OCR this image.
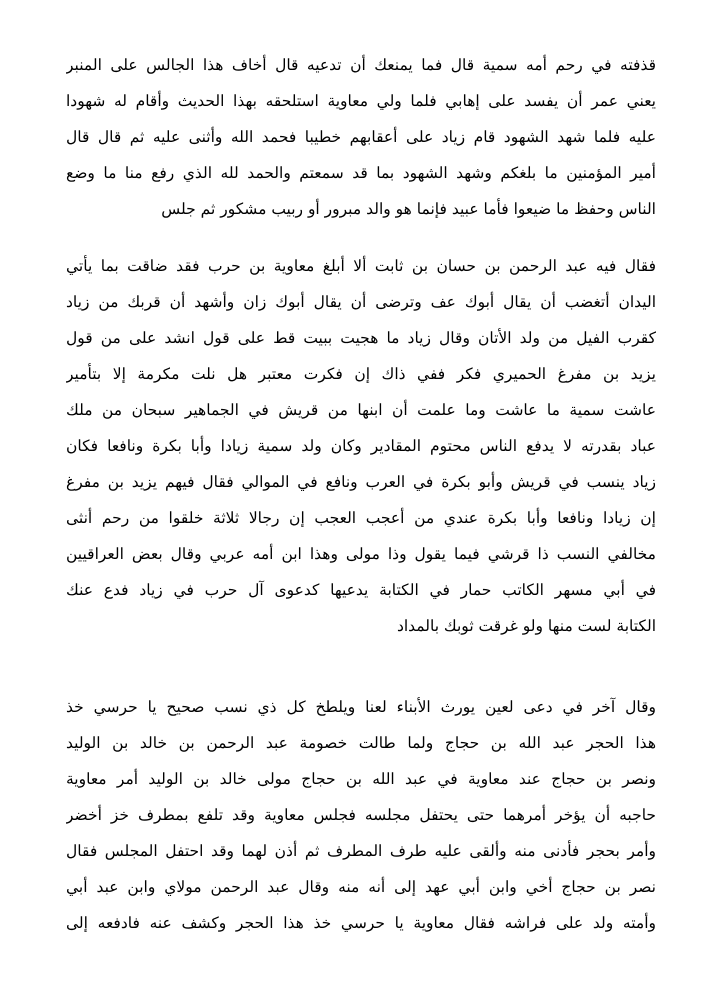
قذفته في رحم أمه سمية قال فما يمنعك أن تدعيه قال أخاف هذا الجالس على المنبر
يعني عمر أن يفسد على إهابي فلما ولي معاوية استلحقه بهذا الحديث وأقام له شهودا
عليه فلما شهد الشهود قام زياد على أعقابهم خطيبا فحمد الله وأثنى عليه ثم قال قال
أمير المؤمنين ما بلغكم وشهد الشهود بما قد سمعتم والحمد لله الذي رفع منا ما وضع
الناس وحفظ ما ضيعوا فأما عبيد فإنما هو والد مبرور أو ربيب مشكور ثم جلس
فقال فيه عبد الرحمن بن حسان بن ثابت ألا أبلغ معاوية بن حرب فقد ضاقت بما يأتي
اليدان أتغضب أن يقال أبوك عف وترضى أن يقال أبوك زان وأشهد أن قربك من زياد
كقرب الفيل من ولد الأتان وقال زياد ما هجيت ببيت قط على قول انشد على من قول
يزيد بن مفرغ الحميري فكر ففي ذاك إن فكرت معتبر هل نلت مكرمة إلا بتأمير
عاشت سمية ما عاشت وما علمت أن ابنها من قريش في الجماهير سبحان من ملك
عباد بقدرته لا يدفع الناس محتوم المقادير وكان ولد سمية زيادا وأبا بكرة ونافعا فكان
زياد ينسب في قريش وأبو بكرة في العرب ونافع في الموالي فقال فيهم يزيد بن مفرغ
إن زيادا ونافعا وأبا بكرة عندي من أعجب العجب إن رجالا ثلاثة خلقوا من رحم أنثى
مخالفي النسب ذا قرشي فيما يقول وذا مولى وهذا ابن أمه عربي وقال بعض العراقيين
في أبي مسهر الكاتب حمار في الكتابة يدعيها كدعوى آل حرب في زياد فدع عنك
الكتابة لست منها ولو غرقت ثوبك بالمداد
وقال آخر في دعى لعين يورث الأبناء لعنا ويلطخ كل ذي نسب صحيح يا حرسي خذ
هذا الحجر عبد الله بن حجاج ولما طالت خصومة عبد الرحمن بن خالد بن الوليد
ونصر بن حجاج عند معاوية في عبد الله بن حجاج مولى خالد بن الوليد أمر معاوية
حاجبه أن يؤخر أمرهما حتى يحتفل مجلسه فجلس معاوية وقد تلفع بمطرف خز أخضر
وأمر بحجر فأدنى منه وألقى عليه طرف المطرف ثم أذن لهما وقد احتفل المجلس فقال
نصر بن حجاج أخي وابن أبي عهد إلى أنه منه وقال عبد الرحمن مولاي وابن عبد أبي
وأمته ولد على فراشه فقال معاوية يا حرسي خذ هذا الحجر وكشف عنه فادفعه إلى
